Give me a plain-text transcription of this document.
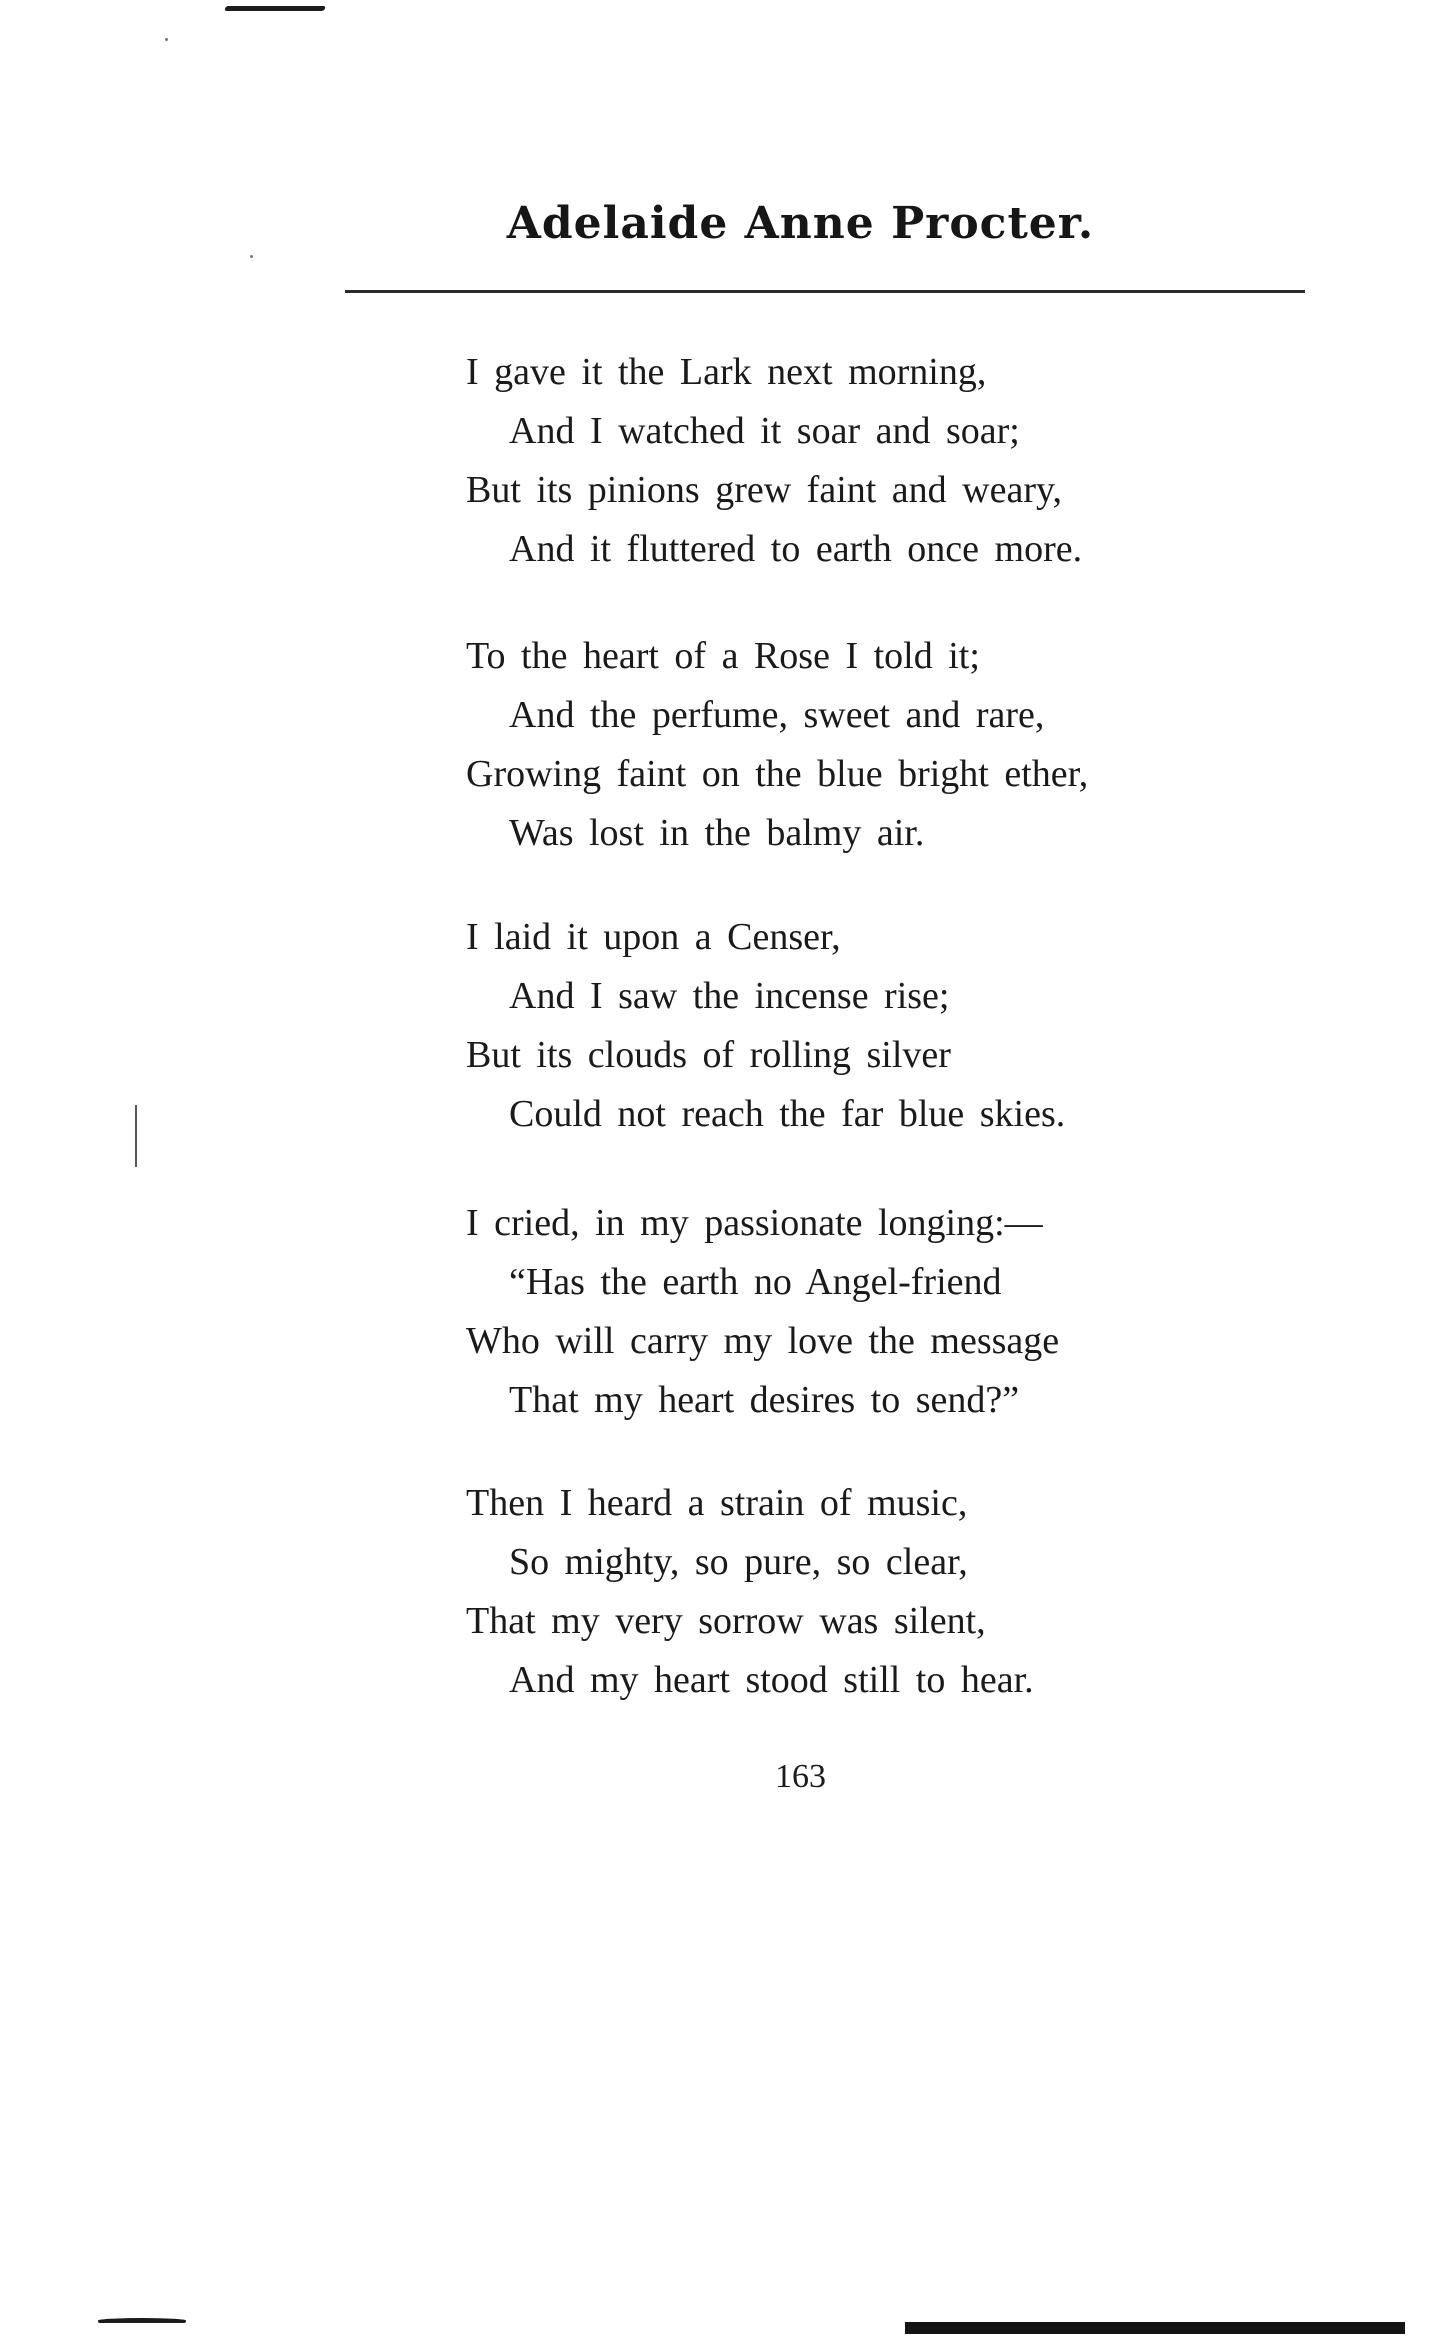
Adelaide Anne Procter.
I gave it the Lark next morning,
And I watched it soar and soar;
But its pinions grew faint and weary,
And it fluttered to earth once more.
To the heart of a Rose I told it;
And the perfume, sweet and rare,
Growing faint on the blue bright ether,
Was lost in the balmy air.
I laid it upon a Censer,
And I saw the incense rise;
But its clouds of rolling silver
Could not reach the far blue skies.
I cried, in my passionate longing:—
“Has the earth no Angel-friend
Who will carry my love the message
That my heart desires to send?”
Then I heard a strain of music,
So mighty, so pure, so clear,
That my very sorrow was silent,
And my heart stood still to hear.
163
